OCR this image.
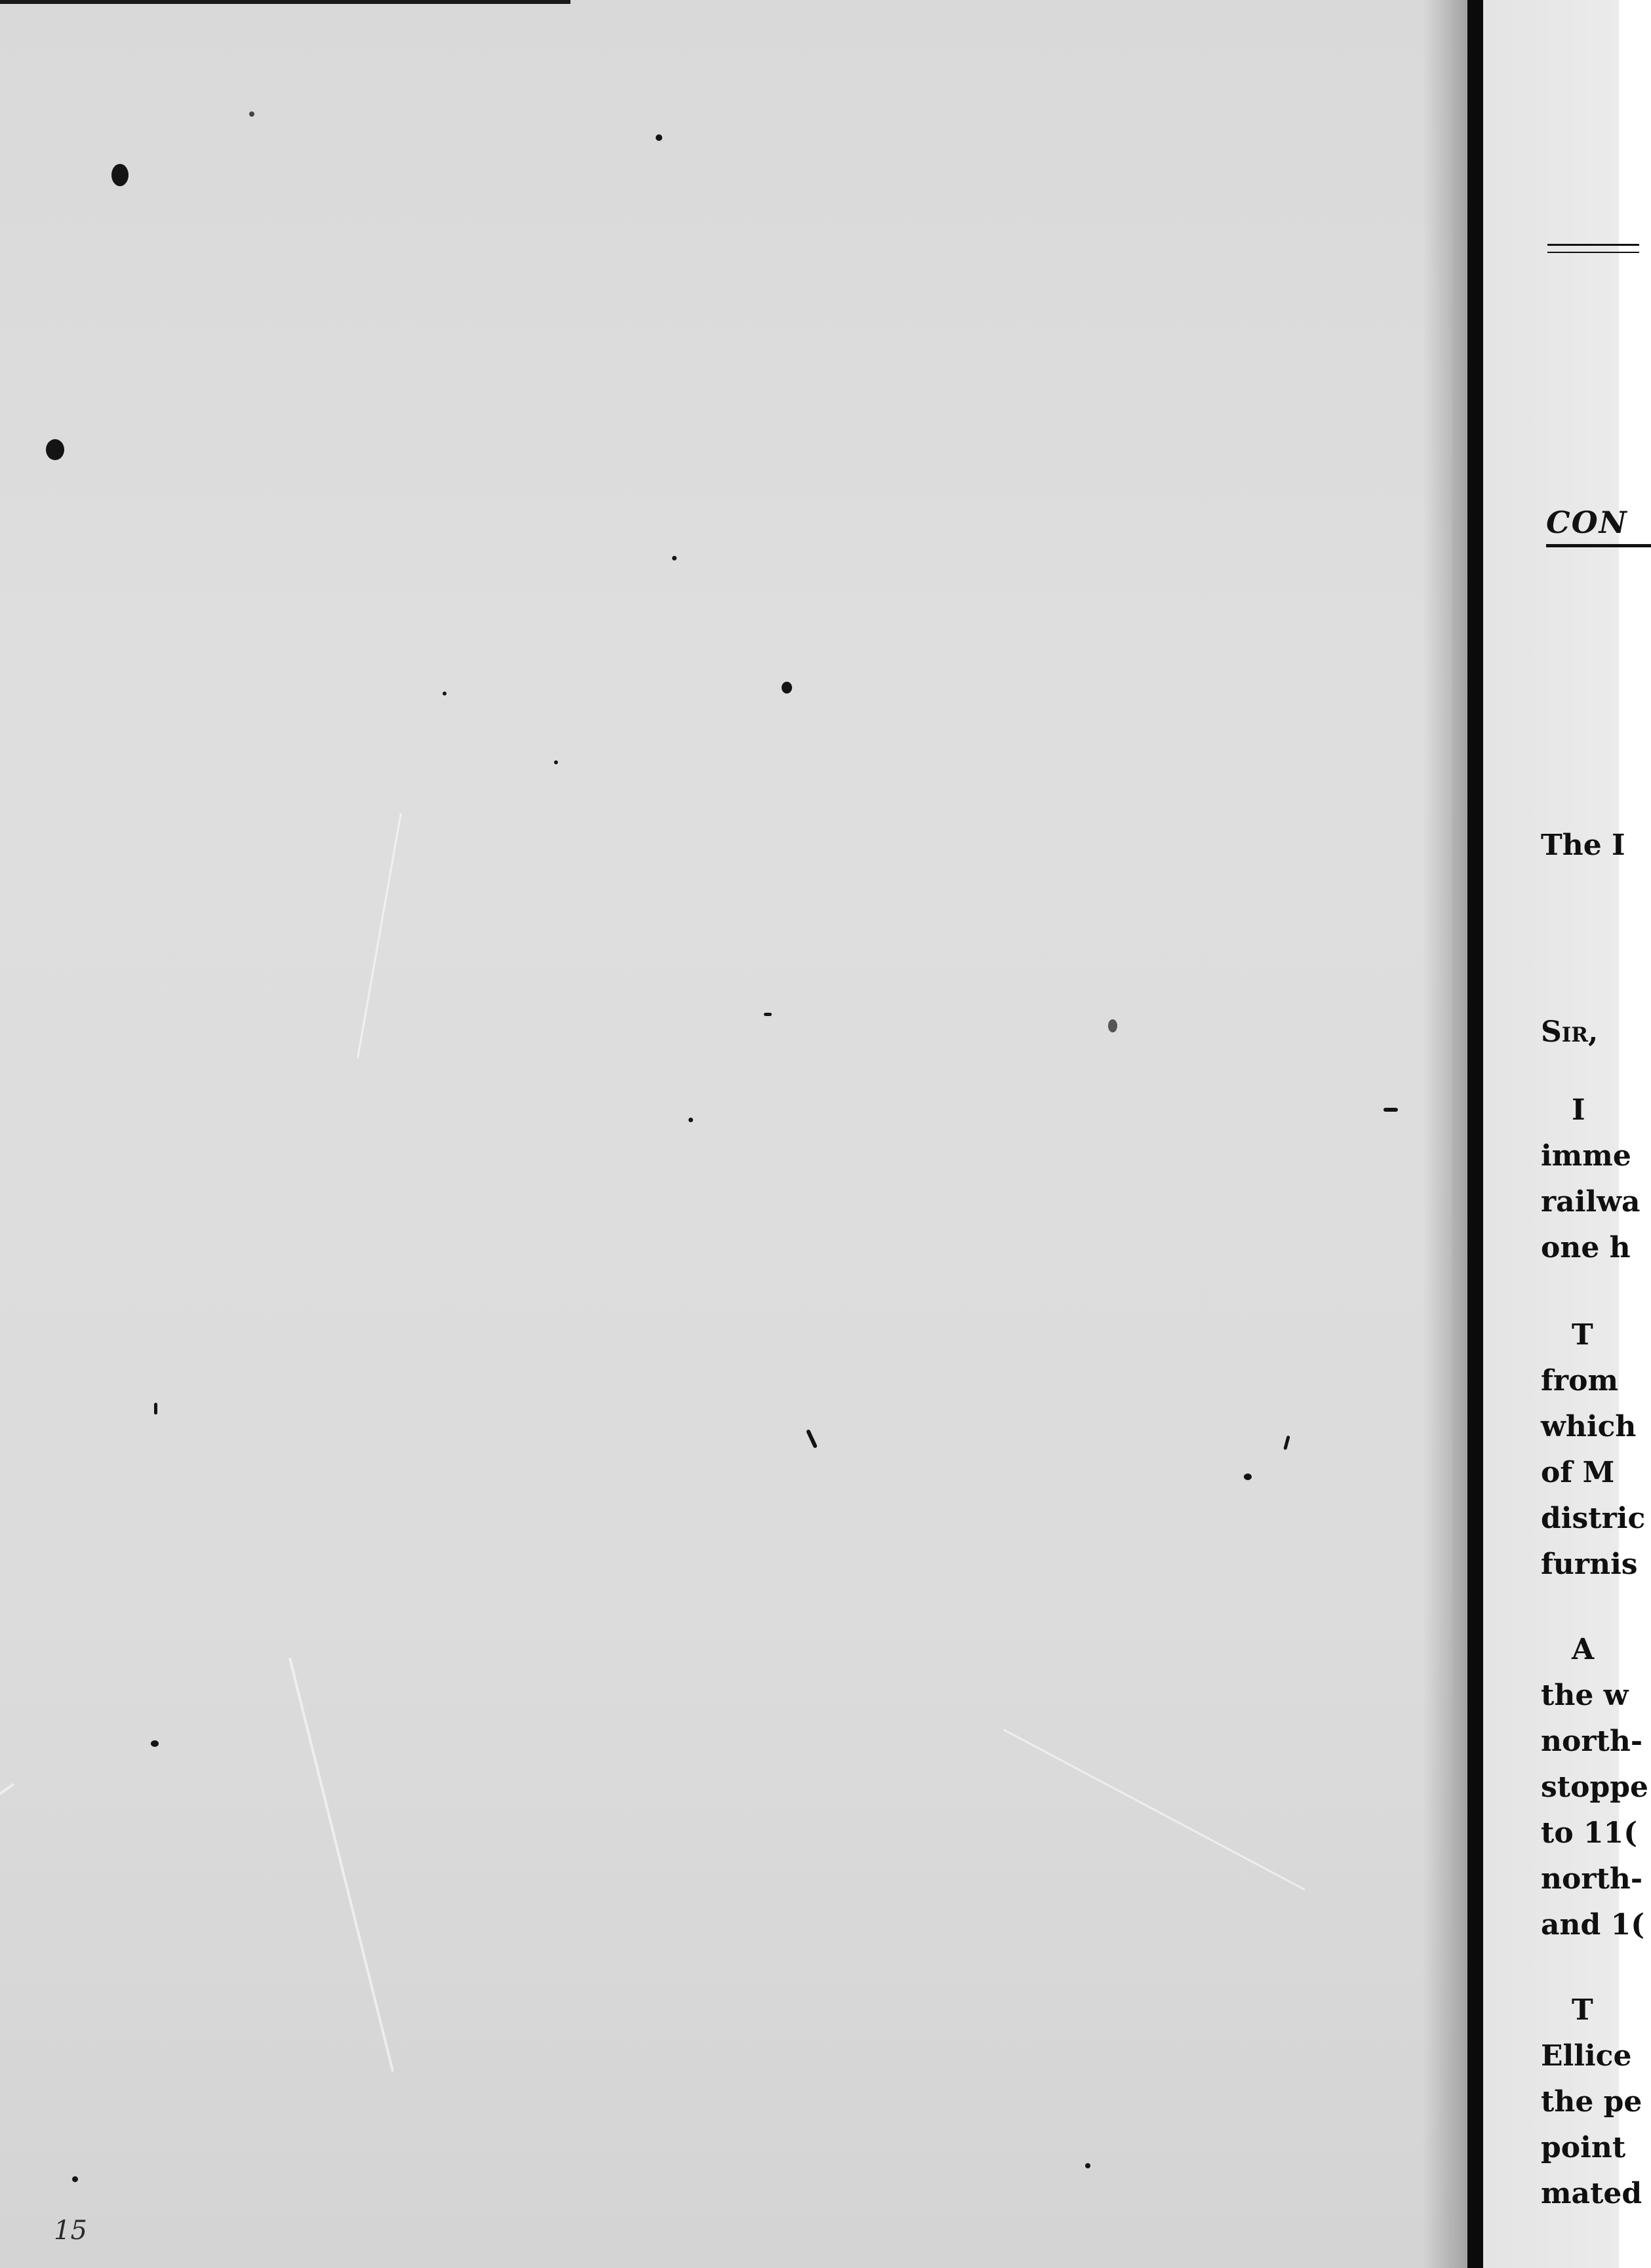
15
CON
The I
Sir,
I
imme
railwa
one h
T
from
which
of M
distric
furnis
A
the w
north-
stoppe
to 11(
north-
and 1(
T
Ellice
the pe
point
mated
